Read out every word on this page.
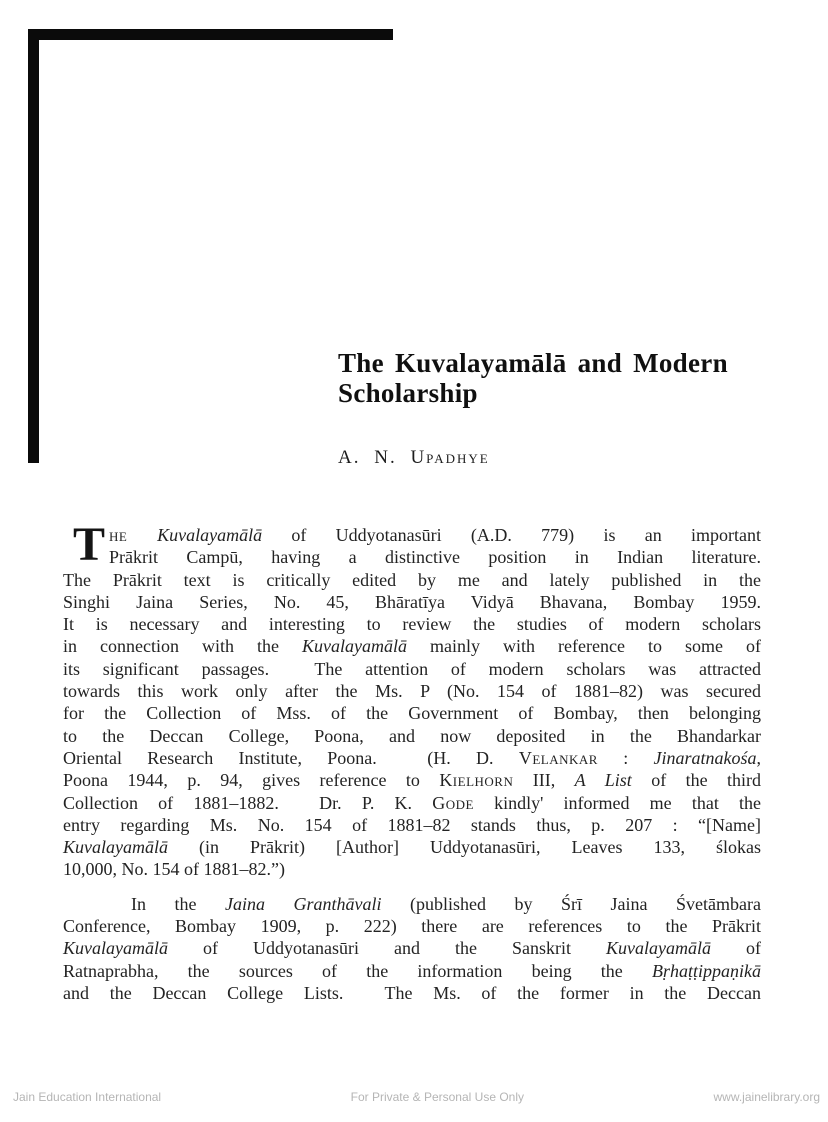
The Kuvalayamālā and Modern
Scholarship
A. N. Upadhye
T he Kuvalayamālā of Uddyotanasūri (A.D. 779) is an important
Prākrit Campū, having a distinctive position in Indian literature.
The Prākrit text is critically edited by me and lately published in the
Singhi Jaina Series, No. 45, Bhāratīya Vidyā Bhavana, Bombay 1959.
It is necessary and interesting to review the studies of modern scholars
in connection with the Kuvalayamālā mainly with reference to some of
its significant passages.  The attention of modern scholars was attracted
towards this work only after the Ms. P (No. 154 of 1881–82) was secured
for the Collection of Mss. of the Government of Bombay, then belonging
to the Deccan College, Poona, and now deposited in the Bhandarkar
Oriental Research Institute, Poona.  (H. D. Velankar : Jinaratnakośa,
Poona 1944, p. 94, gives reference to Kielhorn III, A List of the third
Collection of 1881–1882.  Dr. P. K. Gode kindly' informed me that the
entry regarding Ms. No. 154 of 1881–82 stands thus, p. 207 : “[Name]
Kuvalayamālā (in Prākrit) [Author] Uddyotanasūri, Leaves 133, ślokas
10,000, No. 154 of 1881–82.”)
In the Jaina Granthāvali (published by Śrī Jaina Śvetāmbara
Conference, Bombay 1909, p. 222) there are references to the Prākrit
Kuvalayamālā of Uddyotanasūri and the Sanskrit Kuvalayamālā of
Ratnaprabha, the sources of the information being the Bṛhaṭṭippaṇikā
and the Deccan College Lists.  The Ms. of the former in the Deccan
Jain Education International	For Private & Personal Use Only	www.jainelibrary.org
